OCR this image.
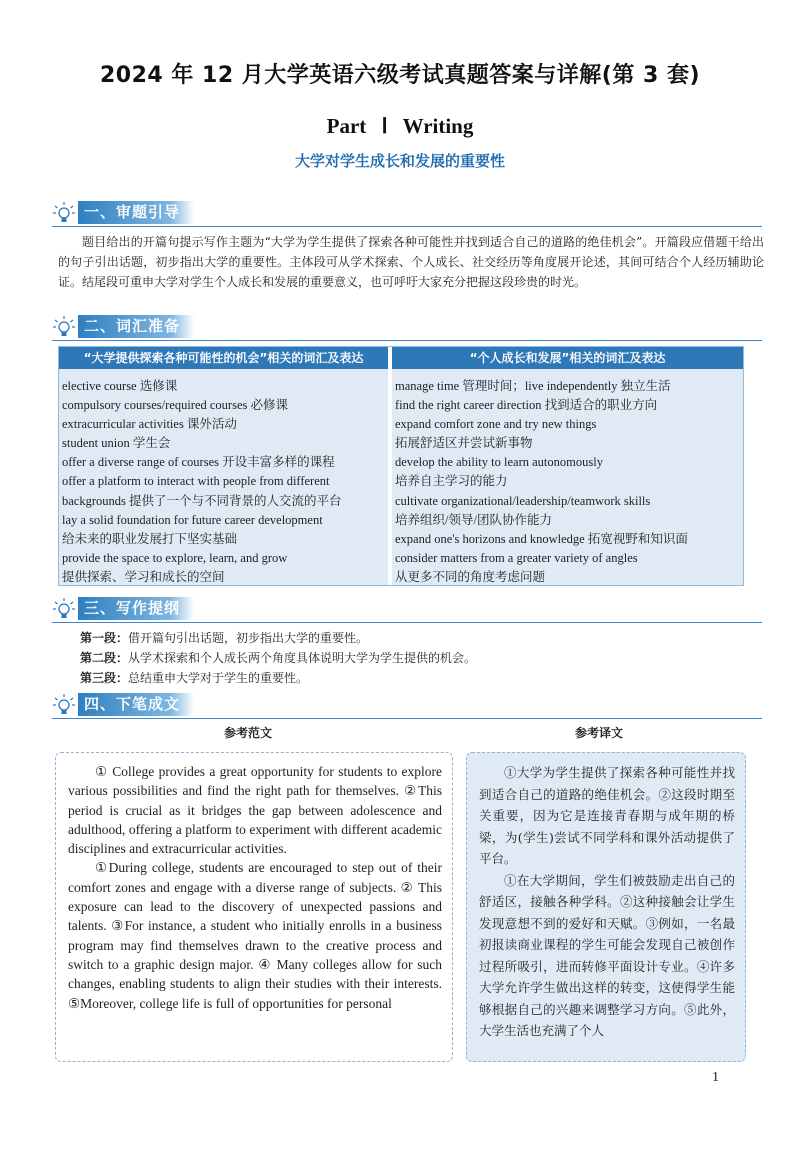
2024 年 12 月大学英语六级考试真题答案与详解(第 3 套)
Part Ⅰ Writing
大学对学生成长和发展的重要性
一、审题引导
题目给出的开篇句提示写作主题为“大学为学生提供了探索各种可能性并找到适合自己的道路的绝佳机会”。开篇段应借题干给出的句子引出话题，初步指出大学的重要性。主体段可从学术探索、个人成长、社交经历等角度展开论述，其间可结合个人经历辅助论证。结尾段可重申大学对学生个人成长和发展的重要意义，也可呼吁大家充分把握这段珍贵的时光。
二、词汇准备
“大学提供探索各种可能性的机会”相关的词汇及表达
elective course 选修课
compulsory courses/required courses 必修课
extracurricular activities 课外活动
student union 学生会
offer a diverse range of courses 开设丰富多样的课程
offer a platform to interact with people from different
backgrounds 提供了一个与不同背景的人交流的平台
lay a solid foundation for future career development
给未来的职业发展打下坚实基础
provide the space to explore, learn, and grow
提供探索、学习和成长的空间
“个人成长和发展”相关的词汇及表达
manage time 管理时间；live independently 独立生活
find the right career direction 找到适合的职业方向
expand comfort zone and try new things
拓展舒适区并尝试新事物
develop the ability to learn autonomously
培养自主学习的能力
cultivate organizational/leadership/teamwork skills
培养组织/领导/团队协作能力
expand one's horizons and knowledge 拓宽视野和知识面
consider matters from a greater variety of angles
从更多不同的角度考虑问题
三、写作提纲
第一段：借开篇句引出话题，初步指出大学的重要性。
第二段：从学术探索和个人成长两个角度具体说明大学为学生提供的机会。
第三段：总结重申大学对于学生的重要性。
四、下笔成文
参考范文	参考译文

① College provides a great opportunity for students to explore various possibilities and find the right path for themselves. ②This period is crucial as it bridges the gap between adolescence and adulthood, offering a platform to experiment with different academic disciplines and extracurricular activities.

①During college, students are encouraged to step out of their comfort zones and engage with a diverse range of subjects. ② This exposure can lead to the discovery of unexpected passions and talents. ③For instance, a student who initially enrolls in a business program may find themselves drawn to the creative process and switch to a graphic design major. ④ Many colleges allow for such changes, enabling students to align their studies with their interests. ⑤Moreover, college life is full of opportunities for personal

①大学为学生提供了探索各种可能性并找到适合自己的道路的绝佳机会。②这段时期至关重要，因为它是连接青春期与成年期的桥梁，为(学生)尝试不同学科和课外活动提供了平台。

①在大学期间，学生们被鼓励走出自己的舒适区，接触各种学科。②这种接触会让学生发现意想不到的爱好和天赋。③例如，一名最初报读商业课程的学生可能会发现自己被创作过程所吸引，进而转修平面设计专业。④许多大学允许学生做出这样的转变，这使得学生能够根据自己的兴趣来调整学习方向。⑤此外，大学生活也充满了个人

1
